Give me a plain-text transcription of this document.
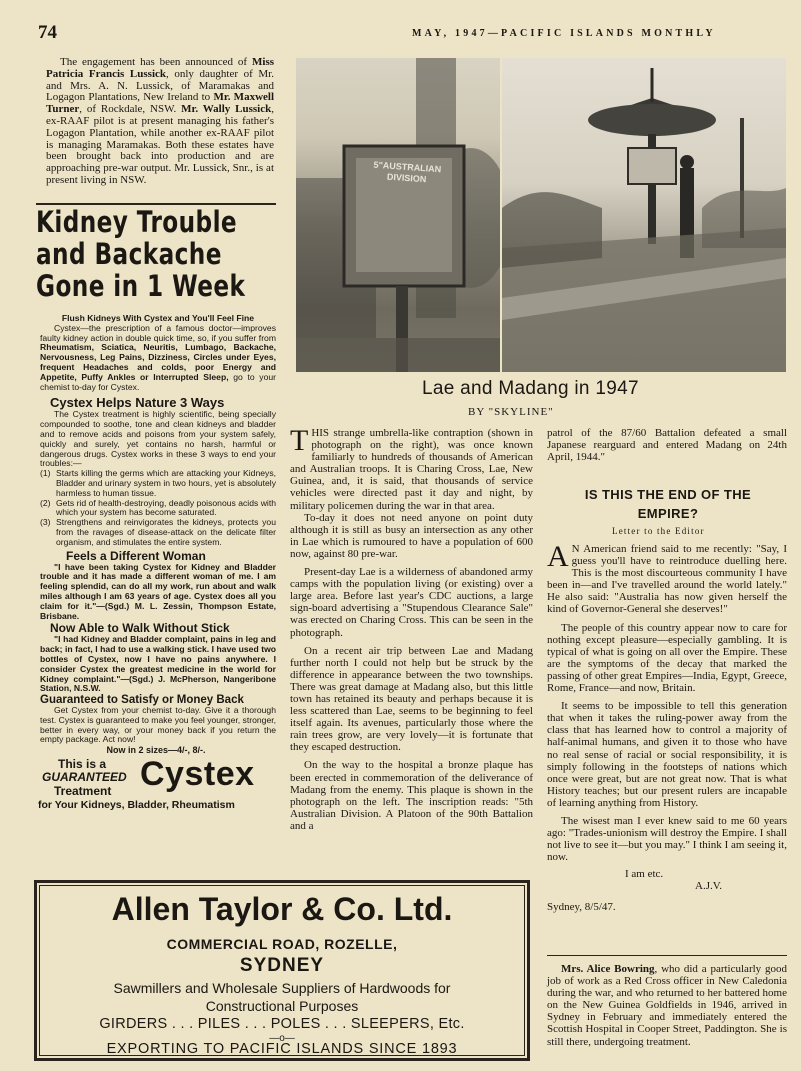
74	MAY, 1947—PACIFIC ISLANDS MONTHLY

The engagement has been announced of Miss Patricia Francis Lussick, only daughter of Mr. and Mrs. A. N. Lussick, of Maramakas and Logagon Plantations, New Ireland to Mr. Maxwell Turner, of Rockdale, NSW. Mr. Wally Lussick, ex-RAAF pilot is at present managing his father's Logagon Plantation, while another ex-RAAF pilot is managing Maramakas. Both these estates have been brought back into production and are approaching pre-war output. Mr. Lussick, Snr., is at present living in NSW.

Kidney Trouble
and Backache
Gone in 1 Week

Flush Kidneys With Cystex and You'll Feel Fine

Cystex—the prescription of a famous doctor—improves faulty kidney action in double quick time, so, if you suffer from Rheumatism, Sciatica, Neuritis, Lumbago, Backache, Nervousness, Leg Pains, Dizziness, Circles under Eyes, frequent Headaches and colds, poor Energy and Appetite, Puffy Ankles or Interrupted Sleep, go to your chemist to-day for Cystex.

Cystex Helps Nature 3 Ways

The Cystex treatment is highly scientific, being specially compounded to soothe, tone and clean kidneys and bladder and to remove acids and poisons from your system safely, quickly and surely, yet contains no harsh, harmful or dangerous drugs. Cystex works in these 3 ways to end your troubles:—

(1) Starts killing the germs which are attacking your Kidneys, Bladder and urinary system in two hours, yet is absolutely harmless to human tissue.
(2) Gets rid of health-destroying, deadly poisonous acids with which your system has become saturated.
(3) Strengthens and reinvigorates the kidneys, protects you from the ravages of disease-attack on the delicate filter organism, and stimulates the entire system.
Feels a Different Woman

"I have been taking Cystex for Kidney and Bladder trouble and it has made a different woman of me. I am feeling splendid, can do all my work, run about and walk miles although I am 63 years of age. Cystex does all you claim for it."—(Sgd.) M. L. Zessin, Thompson Estate, Brisbane.

Now Able to Walk Without Stick

"I had Kidney and Bladder complaint, pains in leg and back; in fact, I had to use a walking stick. I have used two bottles of Cystex, now I have no pains anywhere. I consider Cystex the greatest medicine in the world for Kidney complaint."—(Sgd.) J. McPherson, Nangeribone Station, N.S.W.

Guaranteed to Satisfy or Money Back

Get Cystex from your chemist to-day. Give it a thorough test. Cystex is guaranteed to make you feel younger, stronger, better in every way, or your money back if you return the empty package. Act now!

Now in 2 sizes—4/-, 8/-.
This is a
GUARANTEED
Treatment Cystex
for Your Kidneys, Bladder, Rheumatism
5"AUSTRALIAN
DIVISION
Lae and Madang in 1947
BY "SKYLINE"

THIS strange umbrella-like contraption (shown in photograph on the right), was once known familiarly to hundreds of thousands of American and Australian troops. It is Charing Cross, Lae, New Guinea, and, it is said, that thousands of service vehicles were directed past it day and night, by military policemen during the war in that area.

To-day it does not need anyone on point duty although it is still as busy an intersection as any other in Lae which is rumoured to have a population of 600 now, against 80 pre-war.

Present-day Lae is a wilderness of abandoned army camps with the population living (or existing) over a large area. Before last year's CDC auctions, a large sign-board advertising a "Stupendous Clearance Sale" was erected on Charing Cross. This can be seen in the photograph.

On a recent air trip between Lae and Madang further north I could not help but be struck by the difference in appearance between the two townships. There was great damage at Madang also, but this little town has retained its beauty and perhaps because it is less scattered than Lae, seems to be beginning to feel itself again. Its avenues, particularly those where the rain trees grow, are very lovely—it is fortunate that they escaped destruction.

On the way to the hospital a bronze plaque has been erected in commemoration of the deliverance of Madang from the enemy. This plaque is shown in the photograph on the left. The inscription reads: "5th Australian Division. A Platoon of the 90th Battalion and a

patrol of the 87/60 Battalion defeated a small Japanese rearguard and entered Madang on 24th April, 1944."

IS THIS THE END OF THE EMPIRE?
Letter to the Editor

A N American friend said to me recently: "Say, I guess you'll have to reintroduce duelling here. This is the most discourteous community I have been in—and I've travelled around the world lately." He also said: "Australia has now given herself the kind of Governor-General she deserves!"

The people of this country appear now to care for nothing except pleasure—especially gambling. It is typical of what is going on all over the Empire. These are the symptoms of the decay that marked the passing of other great Empires—India, Egypt, Greece, Rome, France—and now, Britain.

It seems to be impossible to tell this generation that when it takes the ruling-power away from the class that has learned how to control a majority of half-animal humans, and given it to those who have no real sense of racial or social responsibility, it is simply following in the footsteps of nations which once were great, but are not great now. That is what History teaches; but our present rulers are incapable of learning anything from History.

The wisest man I ever knew said to me 60 years ago: "Trades-unionism will destroy the Empire. I shall not live to see it—but you may." I think I am seeing it, now.

I am etc.

A.J.V.

Sydney, 8/5/47.

Mrs. Alice Bowring, who did a particularly good job of work as a Red Cross officer in New Caledonia during the war, and who returned to her battered home on the New Guinea Goldfields in 1946, arrived in Sydney in February and immediately entered the Scottish Hospital in Cooper Street, Paddington. She is still there, undergoing treatment.

Allen Taylor & Co. Ltd.
COMMERCIAL ROAD, ROZELLE,
SYDNEY
Sawmillers and Wholesale Suppliers of Hardwoods for
Constructional Purposes
GIRDERS . . . PILES . . . POLES . . . SLEEPERS, Etc.
—o—
EXPORTING TO PACIFIC ISLANDS SINCE 1893
